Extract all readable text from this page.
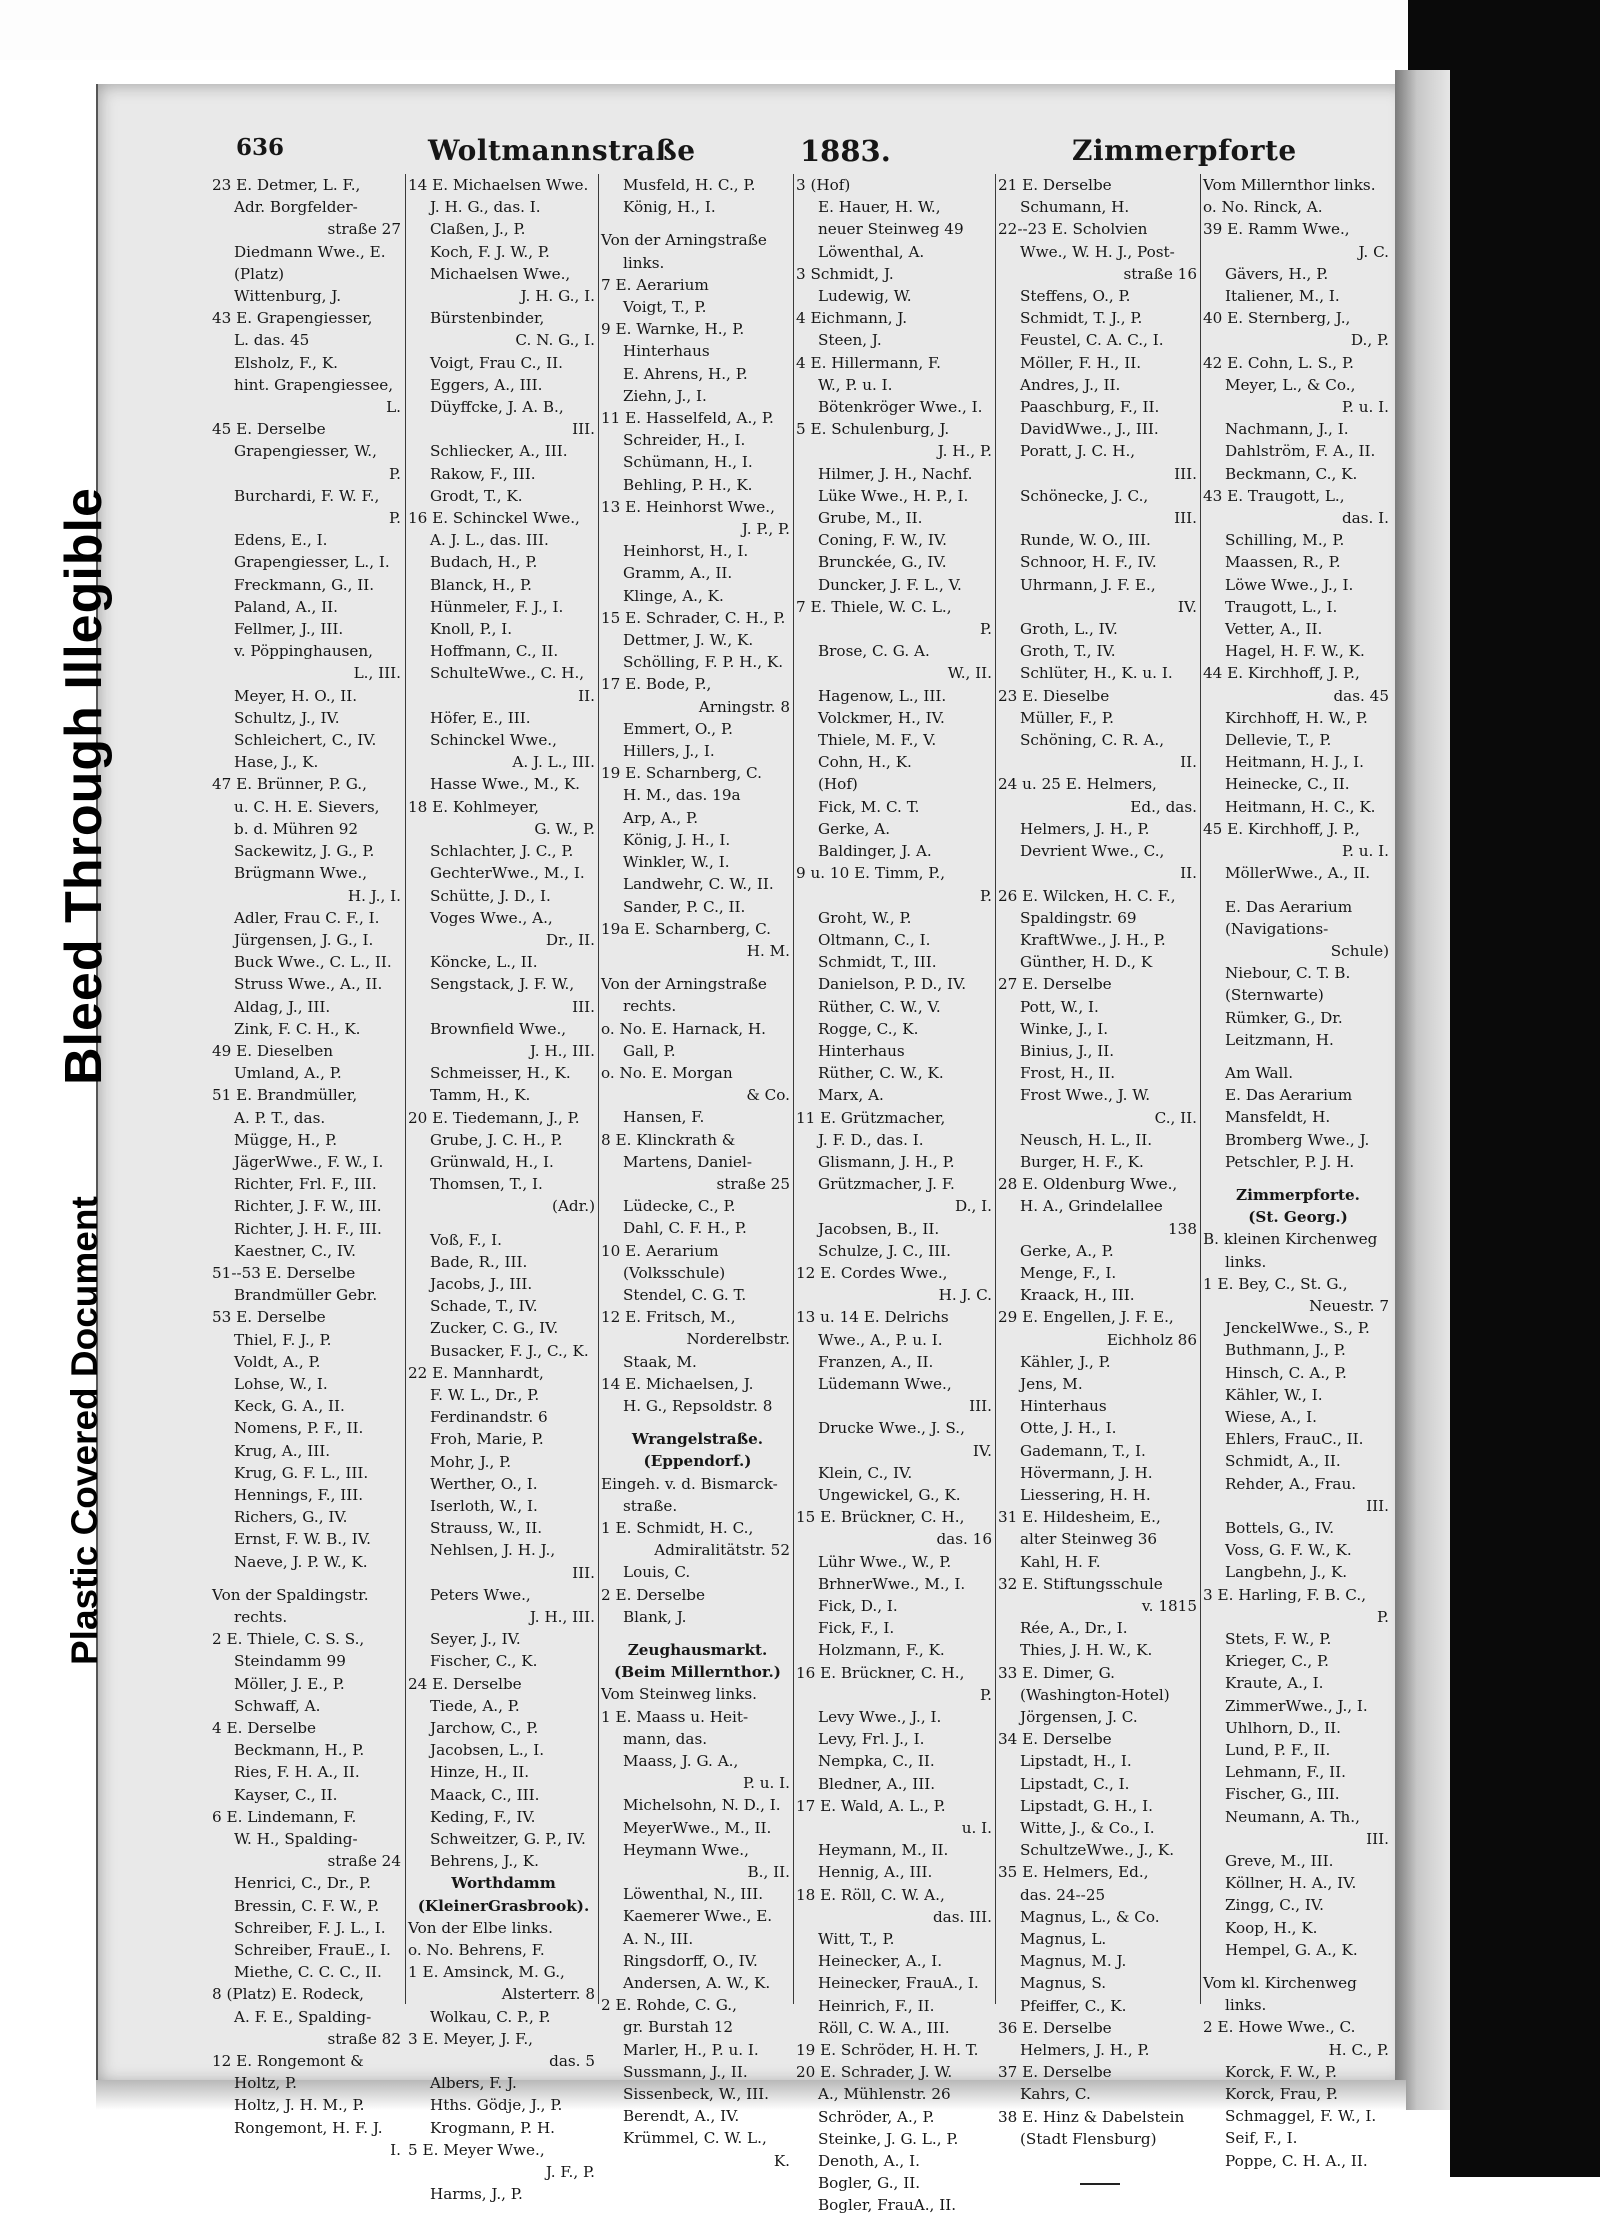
Bleed Through Illegible
Plastic Covered Document
636	Woltmannstraße	1883.	Zimmerpforte
23 E. Detmer, L. F.,
Adr. Borgfelder-
straße 27
Diedmann Wwe., E.
(Platz)
Wittenburg, J.
43 E. Grapengiesser,
L. das. 45
Elsholz, F., K.
hint. Grapengiessee,
L.
45 E. Derselbe
Grapengiesser, W.,
P.
Burchardi, F. W. F.,
P.
Edens, E., I.
Grapengiesser, L., I.
Freckmann, G., II.
Paland, A., II.
Fellmer, J., III.
v. Pöppinghausen,
L., III.
Meyer, H. O., II.
Schultz, J., IV.
Schleichert, C., IV.
Hase, J., K.
47 E. Brünner, P. G.,
u. C. H. E. Sievers,
b. d. Mühren 92
Sackewitz, J. G., P.
Brügmann Wwe.,
H. J., I.
Adler, Frau C. F., I.
Jürgensen, J. G., I.
Buck Wwe., C. L., II.
Struss Wwe., A., II.
Aldag, J., III.
Zink, F. C. H., K.
49 E. Dieselben
Umland, A., P.
51 E. Brandmüller,
A. P. T., das.
Mügge, H., P.
JägerWwe., F. W., I.
Richter, Frl. F., III.
Richter, J. F. W., III.
Richter, J. H. F., III.
Kaestner, C., IV.
51--53 E. Derselbe
Brandmüller Gebr.
53 E. Derselbe
Thiel, F. J., P.
Voldt, A., P.
Lohse, W., I.
Keck, G. A., II.
Nomens, P. F., II.
Krug, A., III.
Krug, G. F. L., III.
Hennings, F., III.
Richers, G., IV.
Ernst, F. W. B., IV.
Naeve, J. P. W., K.
Von der Spaldingstr.
rechts.
2 E. Thiele, C. S. S.,
Steindamm 99
Möller, J. E., P.
Schwaff, A.
4 E. Derselbe
Beckmann, H., P.
Ries, F. H. A., II.
Kayser, C., II.
6 E. Lindemann, F.
W. H., Spalding-
straße 24
Henrici, C., Dr., P.
Bressin, C. F. W., P.
Schreiber, F. J. L., I.
Schreiber, FrauE., I.
Miethe, C. C. C., II.
8 (Platz) E. Rodeck,
A. F. E., Spalding-
straße 82
12 E. Rongemont &
Holtz, P.
Holtz, J. H. M., P.
Rongemont, H. F. J.
I.
14 E. Michaelsen Wwe.
J. H. G., das. I.
Claßen, J., P.
Koch, F. J. W., P.
Michaelsen Wwe.,
J. H. G., I.
Bürstenbinder,
C. N. G., I.
Voigt, Frau C., II.
Eggers, A., III.
Düyffcke, J. A. B.,
III.
Schliecker, A., III.
Rakow, F., III.
Grodt, T., K.
16 E. Schinckel Wwe.,
A. J. L., das. III.
Budach, H., P.
Blanck, H., P.
Hünmeler, F. J., I.
Knoll, P., I.
Hoffmann, C., II.
SchulteWwe., C. H.,
II.
Höfer, E., III.
Schinckel Wwe.,
A. J. L., III.
Hasse Wwe., M., K.
18 E. Kohlmeyer,
G. W., P.
Schlachter, J. C., P.
GechterWwe., M., I.
Schütte, J. D., I.
Voges Wwe., A.,
Dr., II.
Köncke, L., II.
Sengstack, J. F. W.,
III.
Brownfield Wwe.,
J. H., III.
Schmeisser, H., K.
Tamm, H., K.
20 E. Tiedemann, J., P.
Grube, J. C. H., P.
Grünwald, H., I.
Thomsen, T., I.
(Adr.)
Voß, F., I.
Bade, R., III.
Jacobs, J., III.
Schade, T., IV.
Zucker, C. G., IV.
Busacker, F. J., C., K.
22 E. Mannhardt,
F. W. L., Dr., P.
Ferdinandstr. 6
Froh, Marie, P.
Mohr, J., P.
Werther, O., I.
Iserloth, W., I.
Strauss, W., II.
Nehlsen, J. H. J.,
III.
Peters Wwe.,
J. H., III.
Seyer, J., IV.
Fischer, C., K.
24 E. Derselbe
Tiede, A., P.
Jarchow, C., P.
Jacobsen, L., I.
Hinze, H., II.
Maack, C., III.
Keding, F., IV.
Schweitzer, G. P., IV.
Behrens, J., K.
Worthdamm
(KleinerGrasbrook).
Von der Elbe links.
o. No. Behrens, F.
1 E. Amsinck, M. G.,
Alsterterr. 8
Wolkau, C. P., P.
3 E. Meyer, J. F.,
das. 5
Albers, F. J.
Hths. Gödje, J., P.
Krogmann, P. H.
5 E. Meyer Wwe.,
J. F., P.
Harms, J., P.
Musfeld, H. C., P.
König, H., I.
Von der Arningstraße
links.
7 E. Aerarium
Voigt, T., P.
9 E. Warnke, H., P.
Hinterhaus
E. Ahrens, H., P.
Ziehn, J., I.
11 E. Hasselfeld, A., P.
Schreider, H., I.
Schümann, H., I.
Behling, P. H., K.
13 E. Heinhorst Wwe.,
J. P., P.
Heinhorst, H., I.
Gramm, A., II.
Klinge, A., K.
15 E. Schrader, C. H., P.
Dettmer, J. W., K.
Schölling, F. P. H., K.
17 E. Bode, P.,
Arningstr. 8
Emmert, O., P.
Hillers, J., I.
19 E. Scharnberg, C.
H. M., das. 19a
Arp, A., P.
König, J. H., I.
Winkler, W., I.
Landwehr, C. W., II.
Sander, P. C., II.
19a E. Scharnberg, C.
H. M.
Von der Arningstraße
rechts.
o. No. E. Harnack, H.
Gall, P.
o. No. E. Morgan
& Co.
Hansen, F.
8 E. Klinckrath &
Martens, Daniel-
straße 25
Lüdecke, C., P.
Dahl, C. F. H., P.
10 E. Aerarium
(Volksschule)
Stendel, C. G. T.
12 E. Fritsch, M.,
Norderelbstr.
Staak, M.
14 E. Michaelsen, J.
H. G., Repsoldstr. 8
Wrangelstraße.
(Eppendorf.)
Eingeh. v. d. Bismarck-
straße.
1 E. Schmidt, H. C.,
Admiralitätstr. 52
Louis, C.
2 E. Derselbe
Blank, J.
Zeughausmarkt.
(Beim Millernthor.)
Vom Steinweg links.
1 E. Maass u. Heit-
mann, das.
Maass, J. G. A.,
P. u. I.
Michelsohn, N. D., I.
MeyerWwe., M., II.
Heymann Wwe.,
B., II.
Löwenthal, N., III.
Kaemerer Wwe., E.
A. N., III.
Ringsdorff, O., IV.
Andersen, A. W., K.
2 E. Rohde, C. G.,
gr. Burstah 12
Marler, H., P. u. I.
Sussmann, J., II.
Sissenbeck, W., III.
Berendt, A., IV.
Krümmel, C. W. L.,
K.
3 (Hof)
E. Hauer, H. W.,
neuer Steinweg 49
Löwenthal, A.
3 Schmidt, J.
Ludewig, W.
4 Eichmann, J.
Steen, J.
4 E. Hillermann, F.
W., P. u. I.
Bötenkröger Wwe., I.
5 E. Schulenburg, J.
J. H., P.
Hilmer, J. H., Nachf.
Lüke Wwe., H. P., I.
Grube, M., II.
Coning, F. W., IV.
Brunckée, G., IV.
Duncker, J. F. L., V.
7 E. Thiele, W. C. L.,
P.
Brose, C. G. A.
W., II.
Hagenow, L., III.
Volckmer, H., IV.
Thiele, M. F., V.
Cohn, H., K.
(Hof)
Fick, M. C. T.
Gerke, A.
Baldinger, J. A.
9 u. 10 E. Timm, P.,
P.
Groht, W., P.
Oltmann, C., I.
Schmidt, T., III.
Danielson, P. D., IV.
Rüther, C. W., V.
Rogge, C., K.
Hinterhaus
Rüther, C. W., K.
Marx, A.
11 E. Grützmacher,
J. F. D., das. I.
Glismann, J. H., P.
Grützmacher, J. F.
D., I.
Jacobsen, B., II.
Schulze, J. C., III.
12 E. Cordes Wwe.,
H. J. C.
13 u. 14 E. Delrichs
Wwe., A., P. u. I.
Franzen, A., II.
Lüdemann Wwe.,
III.
Drucke Wwe., J. S.,
IV.
Klein, C., IV.
Ungewickel, G., K.
15 E. Brückner, C. H.,
das. 16
Lühr Wwe., W., P.
BrhnerWwe., M., I.
Fick, D., I.
Fick, F., I.
Holzmann, F., K.
16 E. Brückner, C. H.,
P.
Levy Wwe., J., I.
Levy, Frl. J., I.
Nempka, C., II.
Bledner, A., III.
17 E. Wald, A. L., P.
u. I.
Heymann, M., II.
Hennig, A., III.
18 E. Röll, C. W. A.,
das. III.
Witt, T., P.
Heinecker, A., I.
Heinecker, FrauA., I.
Heinrich, F., II.
Röll, C. W. A., III.
19 E. Schröder, H. H. T.
20 E. Schrader, J. W.
A., Mühlenstr. 26
Schröder, A., P.
Steinke, J. G. L., P.
Denoth, A., I.
Bogler, G., II.
Bogler, FrauA., II.
21 E. Derselbe
Schumann, H.
22--23 E. Scholvien
Wwe., W. H. J., Post-
straße 16
Steffens, O., P.
Schmidt, T. J., P.
Feustel, C. A. C., I.
Möller, F. H., II.
Andres, J., II.
Paaschburg, F., II.
DavidWwe., J., III.
Poratt, J. C. H.,
III.
Schönecke, J. C.,
III.
Runde, W. O., III.
Schnoor, H. F., IV.
Uhrmann, J. F. E.,
IV.
Groth, L., IV.
Groth, T., IV.
Schlüter, H., K. u. I.
23 E. Dieselbe
Müller, F., P.
Schöning, C. R. A.,
II.
24 u. 25 E. Helmers,
Ed., das.
Helmers, J. H., P.
Devrient Wwe., C.,
II.
26 E. Wilcken, H. C. F.,
Spaldingstr. 69
KraftWwe., J. H., P.
Günther, H. D., K
27 E. Derselbe
Pott, W., I.
Winke, J., I.
Binius, J., II.
Frost, H., II.
Frost Wwe., J. W.
C., II.
Neusch, H. L., II.
Burger, H. F., K.
28 E. Oldenburg Wwe.,
H. A., Grindelallee
138
Gerke, A., P.
Menge, F., I.
Kraack, H., III.
29 E. Engellen, J. F. E.,
Eichholz 86
Kähler, J., P.
Jens, M.
Hinterhaus
Otte, J. H., I.
Gademann, T., I.
Hövermann, J. H.
Liessering, H. H.
31 E. Hildesheim, E.,
alter Steinweg 36
Kahl, H. F.
32 E. Stiftungsschule
v. 1815
Rée, A., Dr., I.
Thies, J. H. W., K.
33 E. Dimer, G.
(Washington-Hotel)
Jörgensen, J. C.
34 E. Derselbe
Lipstadt, H., I.
Lipstadt, C., I.
Lipstadt, G. H., I.
Witte, J., & Co., I.
SchultzeWwe., J., K.
35 E. Helmers, Ed.,
das. 24--25
Magnus, L., & Co.
Magnus, L.
Magnus, M. J.
Magnus, S.
Pfeiffer, C., K.
36 E. Derselbe
Helmers, J. H., P.
37 E. Derselbe
Kahrs, C.
38 E. Hinz & Dabelstein
(Stadt Flensburg)
Vom Millernthor links.
o. No. Rinck, A.
39 E. Ramm Wwe.,
J. C.
Gävers, H., P.
Italiener, M., I.
40 E. Sternberg, J.,
D., P.
42 E. Cohn, L. S., P.
Meyer, L., & Co.,
P. u. I.
Nachmann, J., I.
Dahlström, F. A., II.
Beckmann, C., K.
43 E. Traugott, L.,
das. I.
Schilling, M., P.
Maassen, R., P.
Löwe Wwe., J., I.
Traugott, L., I.
Vetter, A., II.
Hagel, H. F. W., K.
44 E. Kirchhoff, J. P.,
das. 45
Kirchhoff, H. W., P.
Dellevie, T., P.
Heitmann, H. J., I.
Heinecke, C., II.
Heitmann, H. C., K.
45 E. Kirchhoff, J. P.,
P. u. I.
MöllerWwe., A., II.
E. Das Aerarium
(Navigations-
Schule)
Niebour, C. T. B.
(Sternwarte)
Rümker, G., Dr.
Leitzmann, H.
Am Wall.
E. Das Aerarium
Mansfeldt, H.
Bromberg Wwe., J.
Petschler, P. J. H.
Zimmerpforte.
(St. Georg.)
B. kleinen Kirchenweg
links.
1 E. Bey, C., St. G.,
Neuestr. 7
JenckelWwe., S., P.
Buthmann, J., P.
Hinsch, C. A., P.
Kähler, W., I.
Wiese, A., I.
Ehlers, FrauC., II.
Schmidt, A., II.
Rehder, A., Frau.
III.
Bottels, G., IV.
Voss, G. F. W., K.
Langbehn, J., K.
3 E. Harling, F. B. C.,
P.
Stets, F. W., P.
Krieger, C., P.
Kraute, A., I.
ZimmerWwe., J., I.
Uhlhorn, D., II.
Lund, P. F., II.
Lehmann, F., II.
Fischer, G., III.
Neumann, A. Th.,
III.
Greve, M., III.
Köllner, H. A., IV.
Zingg, C., IV.
Koop, H., K.
Hempel, G. A., K.
Vom kl. Kirchenweg
links.
2 E. Howe Wwe., C.
H. C., P.
Korck, F. W., P.
Korck, Frau, P.
Schmaggel, F. W., I.
Seif, F., I.
Poppe, C. H. A., II.
